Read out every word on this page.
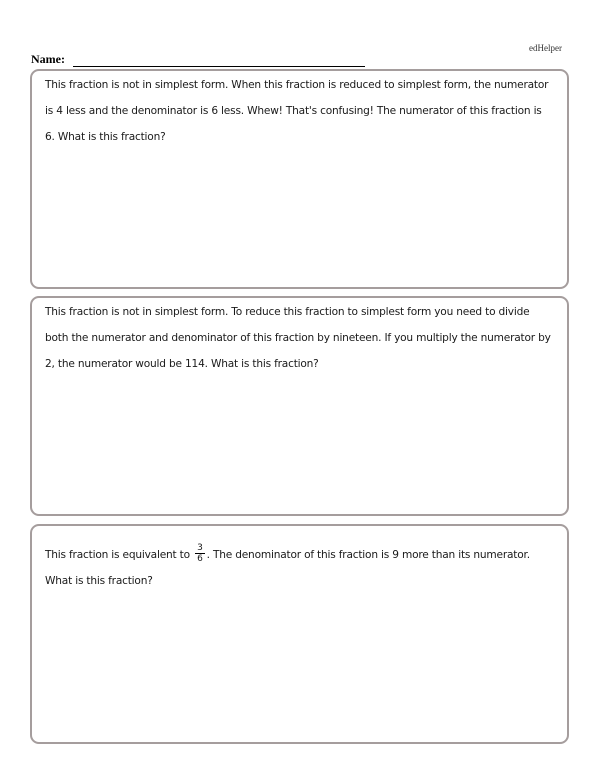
edHelper
Name:
This fraction is not in simplest form. When this fraction is reduced to simplest form, the numerator is 4 less and the denominator is 6 less. Whew! That's confusing! The numerator of this fraction is 6. What is this fraction?
This fraction is not in simplest form. To reduce this fraction to simplest form you need to divide both the numerator and denominator of this fraction by nineteen. If you multiply the numerator by 2, the numerator would be 114. What is this fraction?
This fraction is equivalent to $\frac{3}{6}$ . The denominator of this fraction is 9 more than its numerator. What is this fraction?
